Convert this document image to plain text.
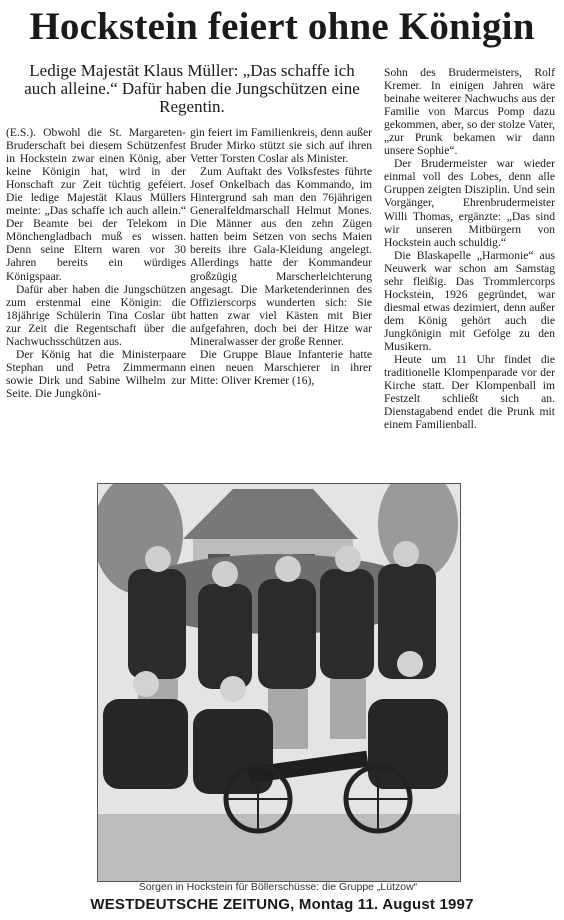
Hockstein feiert ohne Königin
Ledige Majestät Klaus Müller: „Das schaffe ich auch alleine.“ Dafür haben die Jungschützen eine Regentin.

(E.S.). Obwohl die St. Margareten-Bruderschaft bei diesem Schützenfest in Hockstein zwar einen König, aber keine Königin hat, wird in der Honschaft zur Zeit tüchtig gefeiert. Die ledige Majestät Klaus Müllers meinte: „Das schaffe ich auch allein.“ Der Beamte bei der Telekom in Mönchengladbach muß es wissen. Denn seine Eltern waren vor 30 Jahren bereits ein würdiges Königspaar.

Dafür aber haben die Jungschützen zum erstenmal eine Königin: die 18jährige Schülerin Tina Coslar übt zur Zeit die Regentschaft über die Nachwuchsschützen aus.

Der König hat die Ministerpaare Stephan und Petra Zimmermann sowie Dirk und Sabine Wilhelm zur Seite. Die Jungköni-

gin feiert im Familienkreis, denn außer Bruder Mirko stützt sie sich auf ihren Vetter Torsten Coslar als Minister.

Zum Auftakt des Volksfestes führte Josef Onkelbach das Kommando, im Hintergrund sah man den 76jährigen Generalfeldmarschall Helmut Mones. Die Männer aus den zehn Zügen hatten beim Setzen von sechs Maien bereits ihre Gala-Kleidung angelegt. Allerdings hatte der Kommandeur großzügig Marscherleichterung angesagt. Die Marketenderinnen des Offizierscorps wunderten sich: Sie hatten zwar viel Kästen mit Bier aufgefahren, doch bei der Hitze war Mineralwasser der große Renner.

Die Gruppe Blaue Infanterie hatte einen neuen Marschierer in ihrer Mitte: Oliver Kremer (16),

Sohn des Brudermeisters, Rolf Kremer. In einigen Jahren wäre beinahe weiterer Nachwuchs aus der Familie von Marcus Pomp dazu gekommen, aber, so der stolze Vater, „zur Prunk bekamen wir dann unsere Sophie“.

Der Brudermeister war wieder einmal voll des Lobes, denn alle Gruppen zeigten Disziplin. Und sein Vorgänger, Ehrenbrudermeister Willi Thomas, ergänzte: „Das sind wir unseren Mitbürgern von Hockstein auch schuldig.“

Die Blaskapelle „Harmonie“ aus Neuwerk war schon am Samstag sehr fleißig. Das Trommlercorps Hockstein, 1926 gegründet, war diesmal etwas dezimiert, denn außer dem König gehört auch die Jungkönigin mit Gefolge zu den Musikern.

Heute um 11 Uhr findet die traditionelle Klompenparade vor der Kirche statt. Der Klompenball im Festzelt schließt sich an. Dienstagabend endet die Prunk mit einem Familienball.

Sorgen in Hockstein für Böllerschüsse: die Gruppe „Lützow“
WESTDEUTSCHE ZEITUNG, Montag 11. August 1997
